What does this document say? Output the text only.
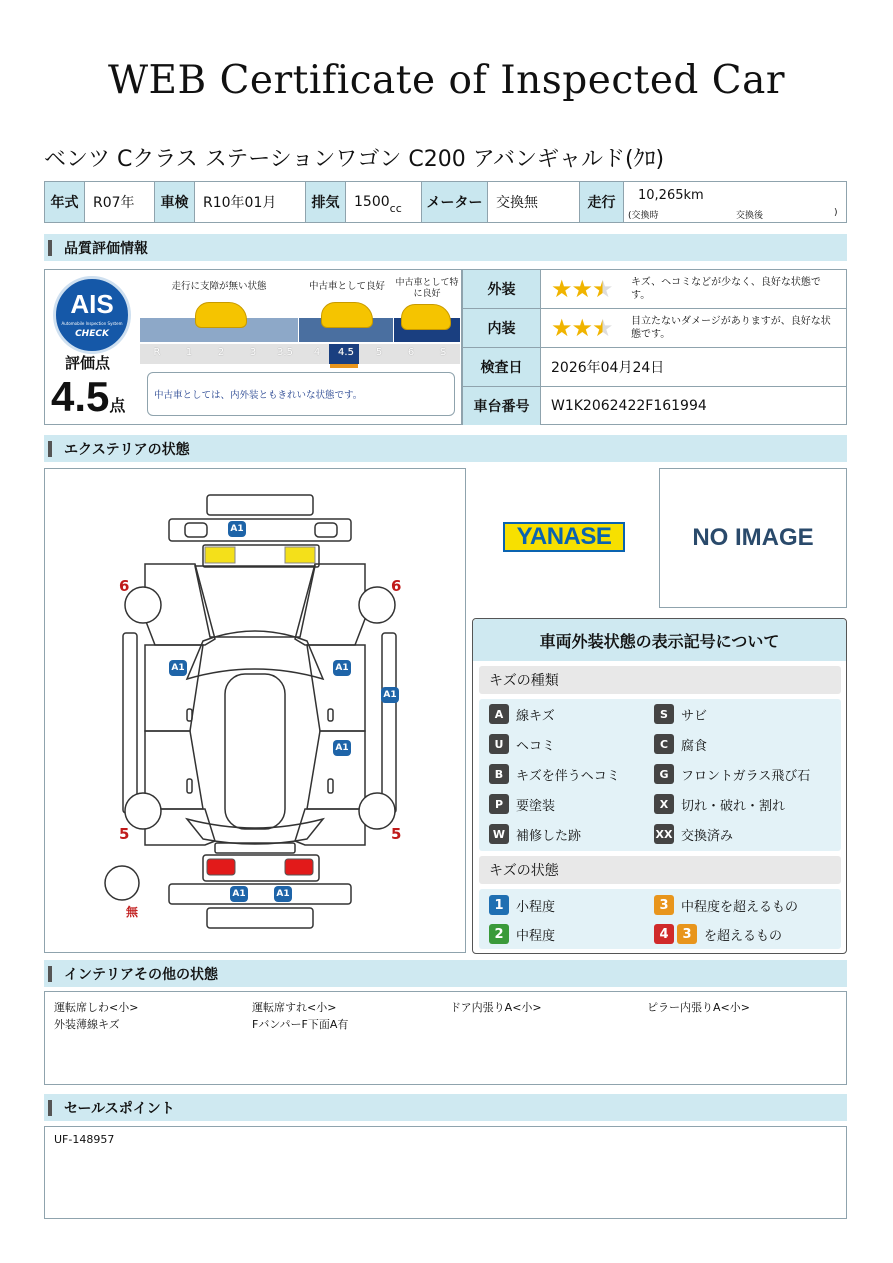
WEB Certificate of Inspected Car
ベンツ Cクラス ステーションワゴン C200 アバンギャルド(ｸﾛ)
年式	R07年	車検	R10年01月	排気	1500 cc	メーター 交換無	走行	10,265km
(交換時	交換後	)
品質評価情報
AIS
Automobile Inspection System
CHECK
評価点
4.5点
走行に支障が無い状態	中古車として良好	中古車として特に良好
R	1	2	3	3.5	4	4.5	5	6	S
中古車としては、内外装ともきれいな状態です。
外装	★★★	キズ、ヘコミなどが少なく、良好な状態です。
内装	★★★	目立たないダメージがありますが、良好な状態です。
検査日	2026年04月24日
車台番号	W1K2062422F161994
エクステリアの状態
A1
A1	A1
A1
A1
A1	A1
6	6
5	5
無
YANASE	NO IMAGE
車両外装状態の表示記号について
キズの種類
A 線キズ	S	サビ
U ヘコミ	C 腐食
B キズを伴うヘコミ	G フロントガラス飛び石
P 要塗装	X 切れ・破れ・割れ
W 補修した跡	XX 交換済み
キズの状態
1 小程度	3 中程度を超えるもの
2 中程度	4	3 を超えるもの
インテリアその他の状態
運転席しわ<小>	運転席すれ<小>	ドア内張りA<小>	ピラー内張りA<小>
外装薄線キズ	FバンパーF下面A有
セールスポイント
UF-148957
